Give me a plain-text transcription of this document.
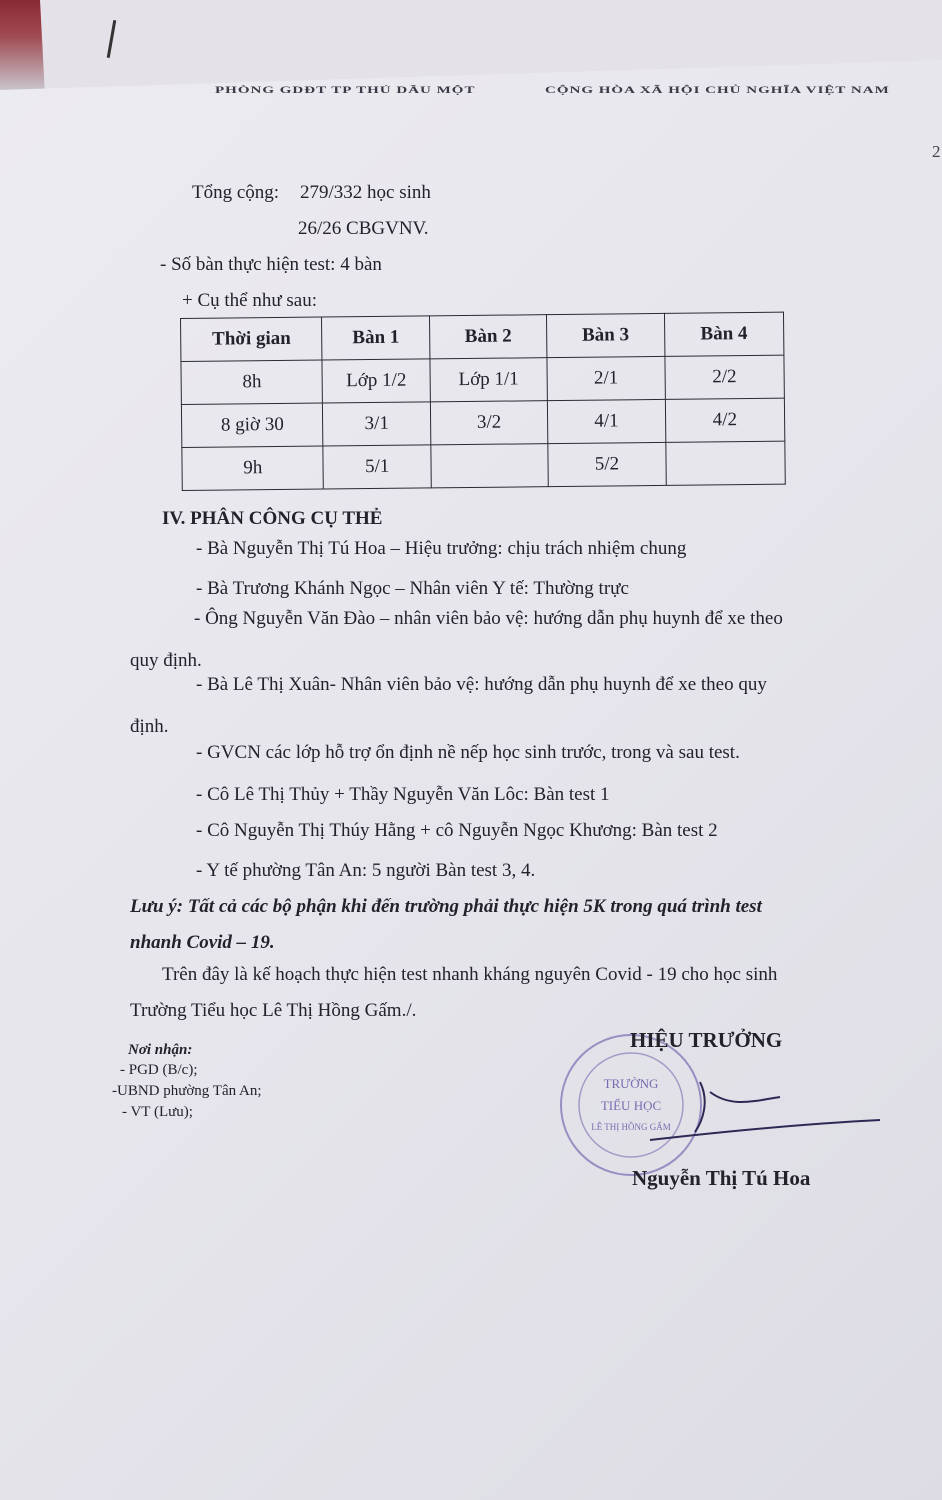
PHÒNG GDĐT TP THỦ DẦU MỘT	CỘNG HÒA XÃ HỘI CHỦ NGHĨA VIỆT NAM
2
Tổng cộng: 279/332 học sinh
26/26 CBGVNV.
- Số bàn thực hiện test: 4 bàn
+ Cụ thể như sau:
Thời gian	Bàn 1	Bàn 2	Bàn 3	Bàn 4
8h	Lớp 1/2	Lớp 1/1	2/1	2/2
8 giờ 30	3/1	3/2	4/1	4/2
9h	5/1		5/2	
IV. PHÂN CÔNG CỤ THẺ
- Bà Nguyễn Thị Tú Hoa – Hiệu trưởng: chịu trách nhiệm chung
- Bà Trương Khánh Ngọc – Nhân viên Y tế: Thường trực
- Ông Nguyễn Văn Đào – nhân viên bảo vệ: hướng dẫn phụ huynh để xe theo
quy định.
- Bà Lê Thị Xuân- Nhân viên bảo vệ: hướng dẫn phụ huynh để xe theo quy
định.
- GVCN các lớp hỗ trợ ổn định nề nếp học sinh trước, trong và sau test.
- Cô Lê Thị Thủy + Thầy Nguyễn Văn Lôc: Bàn test 1
- Cô Nguyễn Thị Thúy Hằng + cô Nguyễn Ngọc Khương: Bàn test 2
- Y tế phường Tân An: 5 người Bàn test 3, 4.
Lưu ý: Tất cả các bộ phận khi đến trường phải thực hiện 5K trong quá trình test
nhanh Covid – 19.
Trên đây là kế hoạch thực hiện test nhanh kháng nguyên Covid - 19 cho học sinh
Trường Tiểu học Lê Thị Hồng Gấm./.
Nơi nhận:
- PGD (B/c);
-UBND phường Tân An;
- VT (Lưu);
TRƯỜNG
TIỂU HỌC
LÊ THỊ HỒNG GẤM
HIỆU TRƯỞNG
Nguyễn Thị Tú Hoa
